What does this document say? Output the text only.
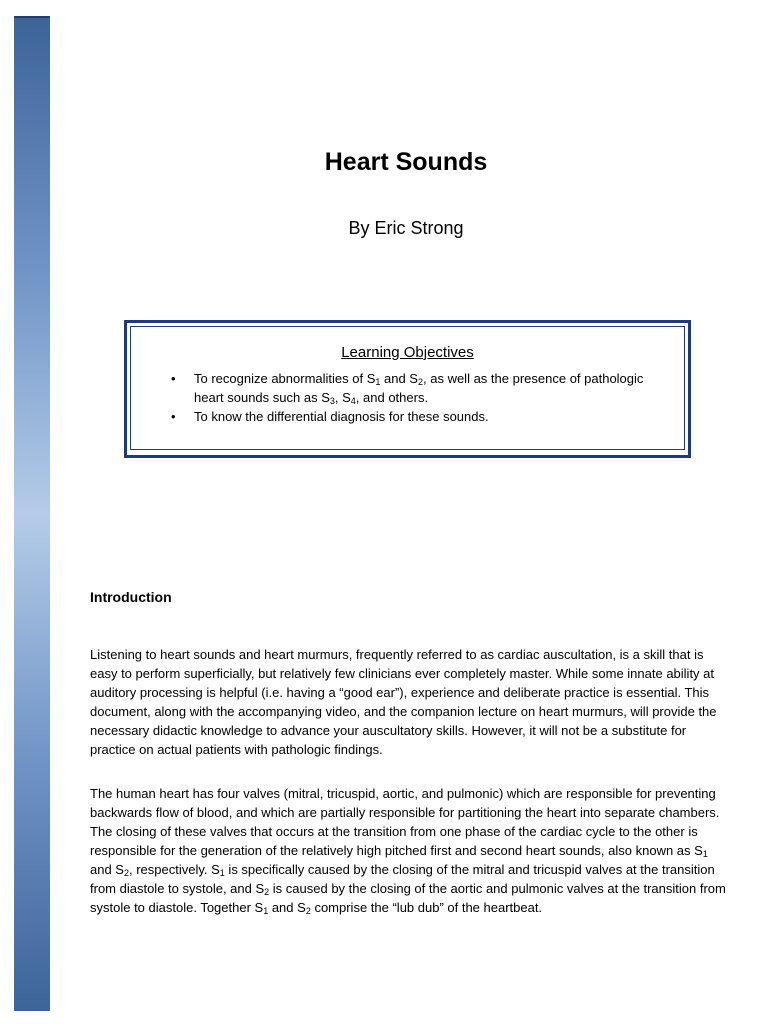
Heart Sounds

By Eric Strong

Learning Objectives

• To recognize abnormalities of $S_1$ and $S_2$, as well as the presence of pathologic heart sounds such as $S_3$, $S_4$, and others.
• To know the differential diagnosis for these sounds.
Introduction

Listening to heart sounds and heart murmurs, frequently referred to as cardiac auscultation, is a skill that is easy to perform superficially, but relatively few clinicians ever completely master. While some innate ability at auditory processing is helpful (i.e. having a “good ear”), experience and deliberate practice is essential. This document, along with the accompanying video, and the companion lecture on heart murmurs, will provide the necessary didactic knowledge to advance your auscultatory skills. However, it will not be a substitute for practice on actual patients with pathologic findings.

The human heart has four valves (mitral, tricuspid, aortic, and pulmonic) which are responsible for preventing backwards flow of blood, and which are partially responsible for partitioning the heart into separate chambers. The closing of these valves that occurs at the transition from one phase of the cardiac cycle to the other is responsible for the generation of the relatively high pitched first and second heart sounds, also known as $S_1$ and $S_2$, respectively. $S_1$ is specifically caused by the closing of the mitral and tricuspid valves at the transition from diastole to systole, and $S_2$ is caused by the closing of the aortic and pulmonic valves at the transition from systole to diastole. Together $S_1$ and $S_2$ comprise the “lub dub” of the heartbeat.
